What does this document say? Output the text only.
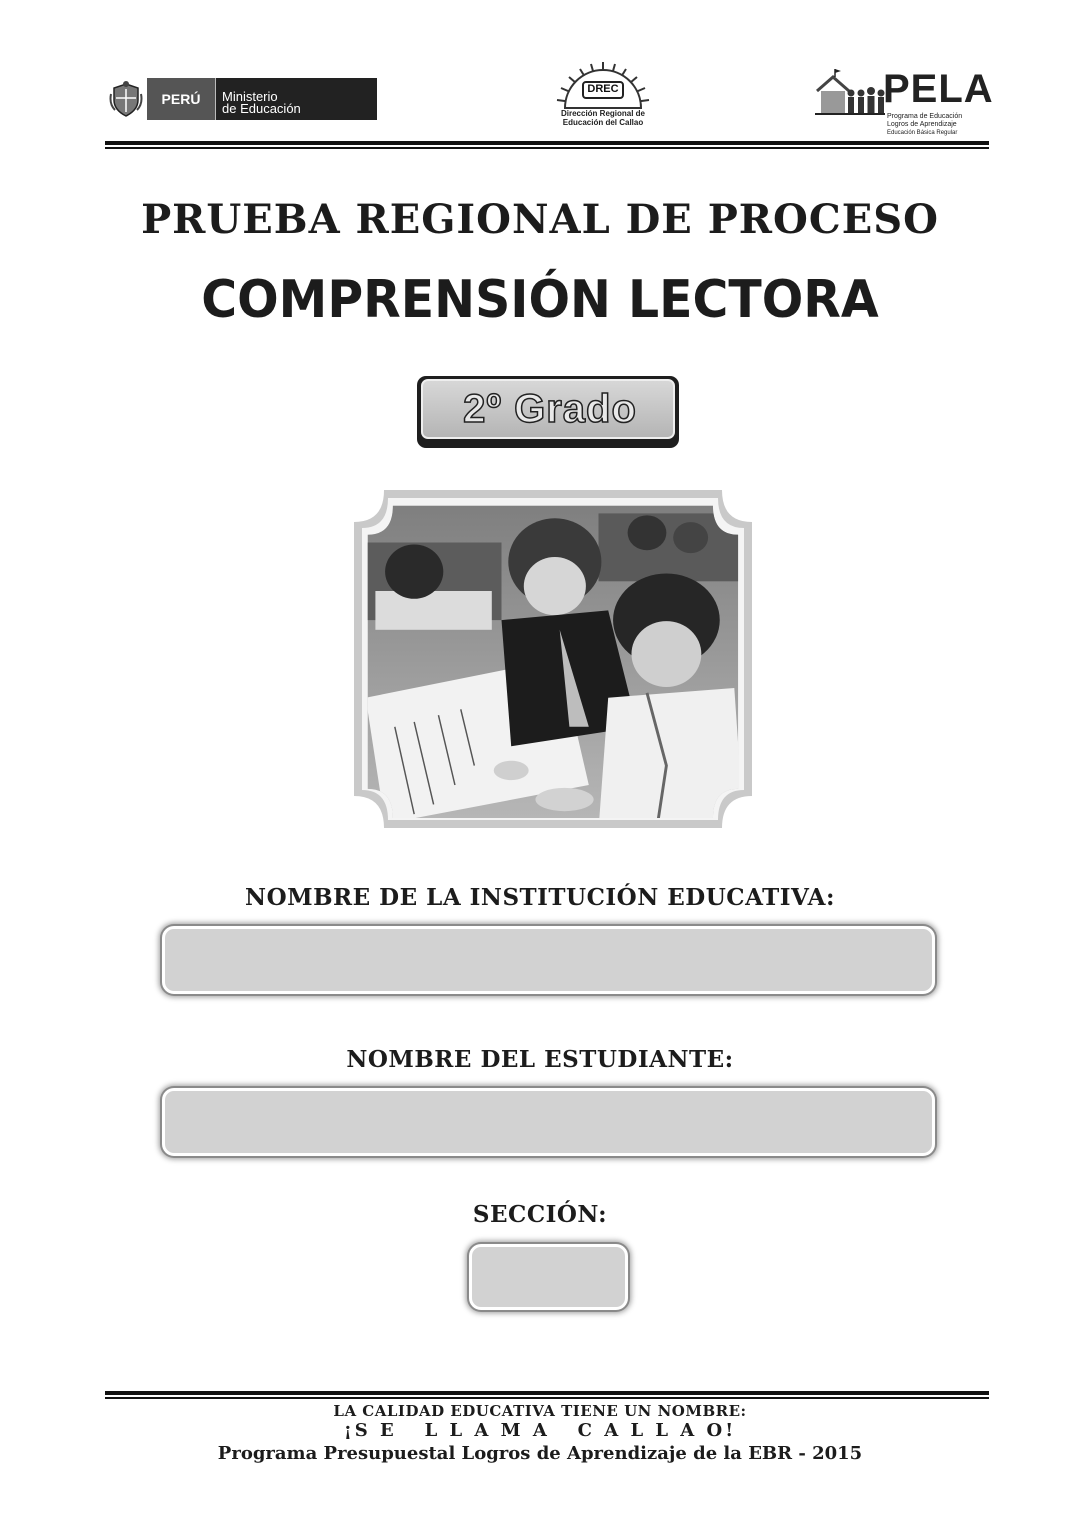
PERÚ	Ministerio
de Educación
DREC
Dirección Regional de
Educación del Callao
PELA
Programa de Educación
Logros de Aprendizaje
Educación Básica Regular
PRUEBA REGIONAL DE PROCESO
COMPRENSIÓN LECTORA
2º Grado
NOMBRE DE LA INSTITUCIÓN EDUCATIVA:
NOMBRE DEL ESTUDIANTE:
SECCIÓN:
LA CALIDAD EDUCATIVA TIENE UN NOMBRE:
¡S E   L L A M A   C A L L A O!
Programa Presupuestal Logros de Aprendizaje de la EBR - 2015
